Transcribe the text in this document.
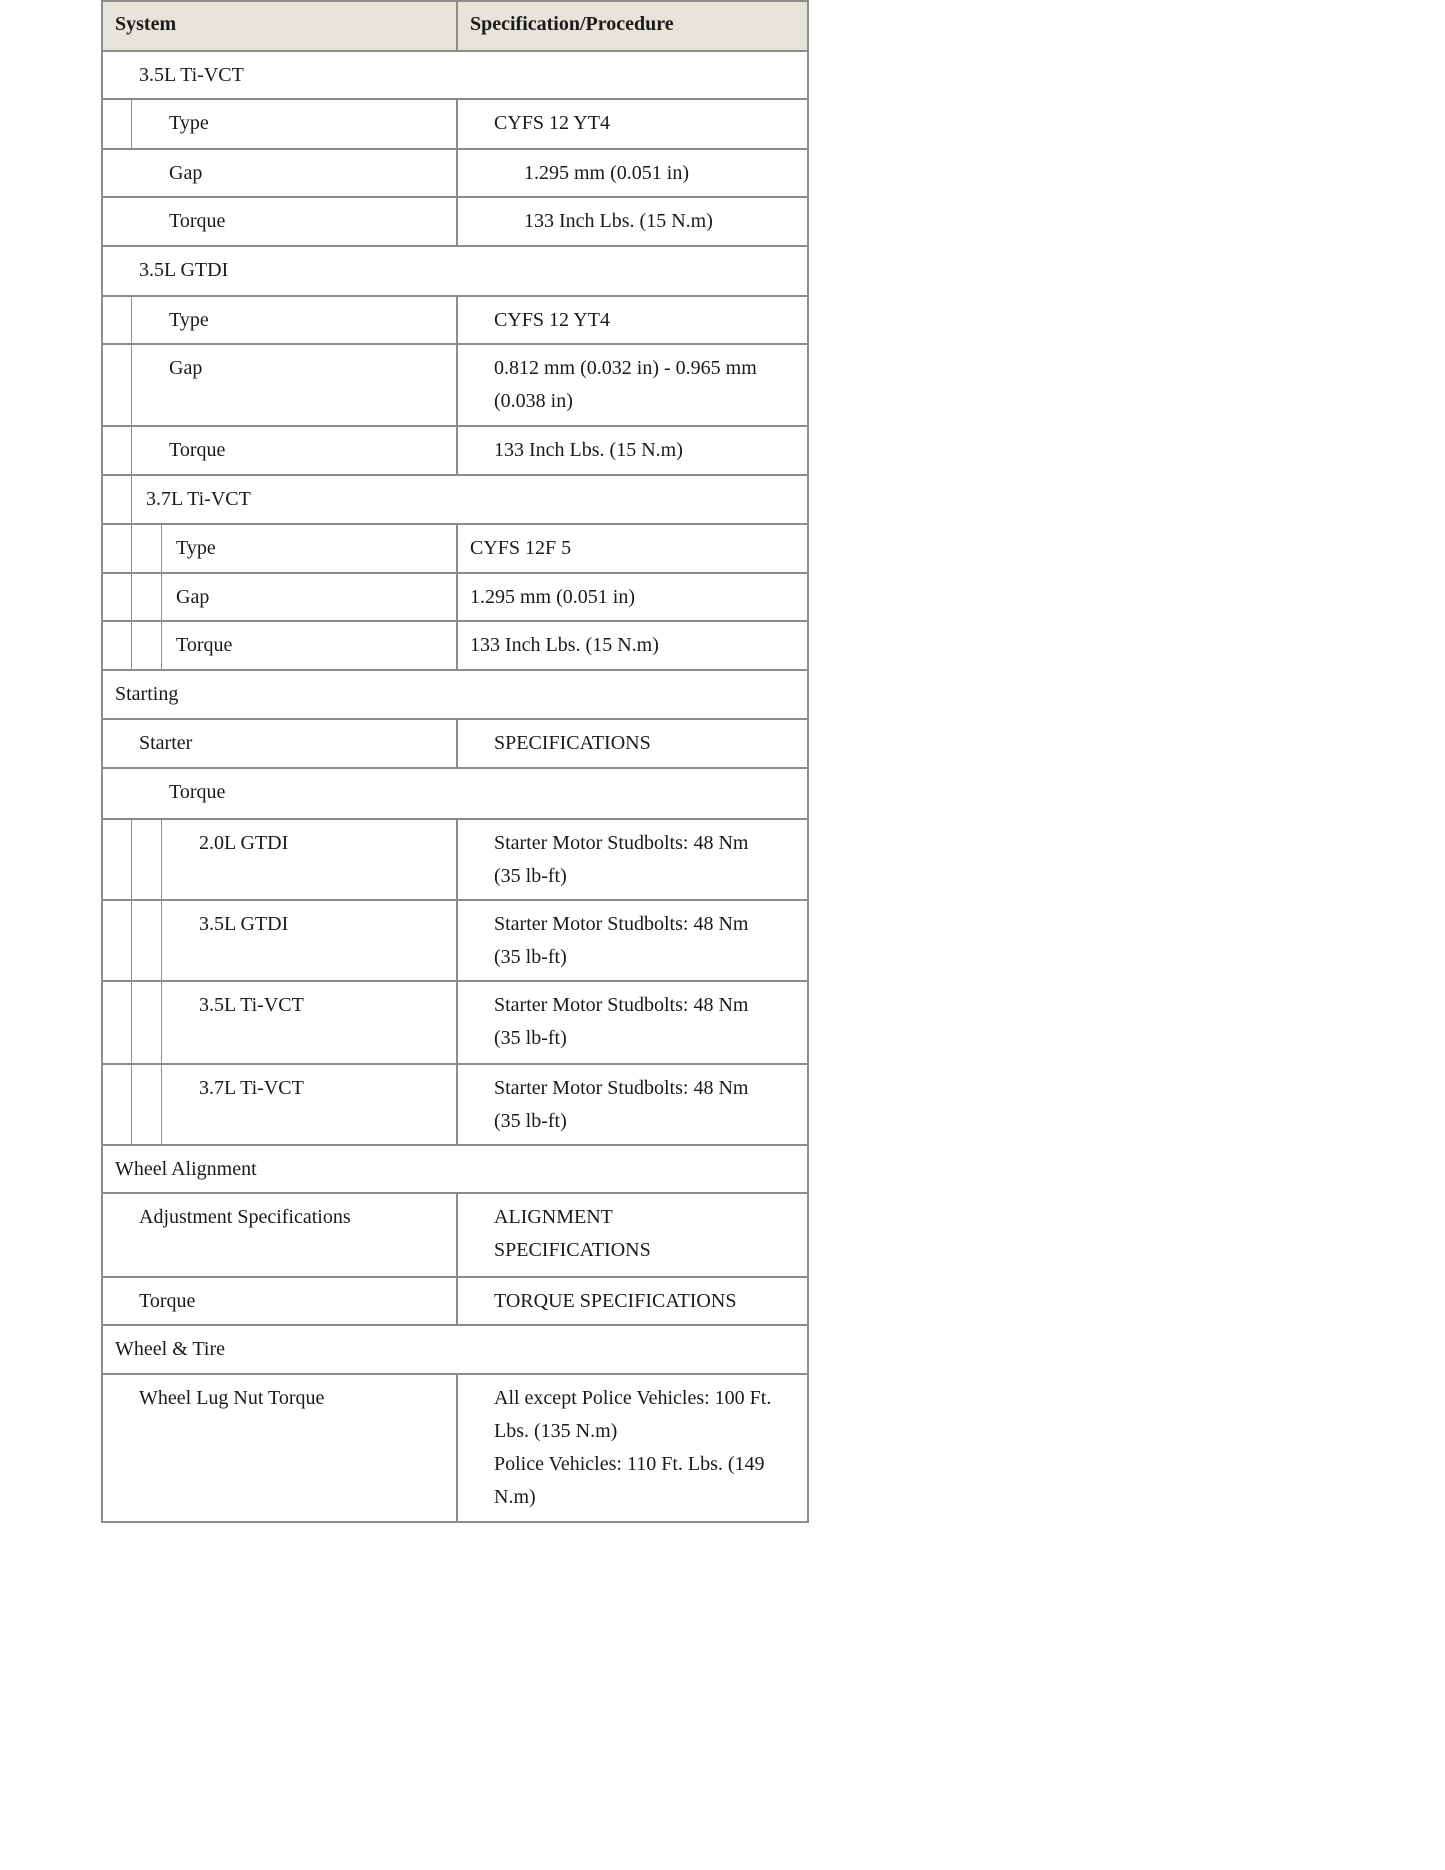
System	Specification/Procedure
3.5L Ti-VCT
Type	CYFS 12 YT4
Gap	1.295 mm (0.051 in)
Torque	133 Inch Lbs. (15 N.m)
3.5L GTDI
Type	CYFS 12 YT4
Gap	0.812 mm (0.032 in) - 0.965 mm
(0.038 in)
Torque	133 Inch Lbs. (15 N.m)
3.7L Ti-VCT
Type	CYFS 12F 5
Gap	1.295 mm (0.051 in)
Torque	133 Inch Lbs. (15 N.m)
Starting
Starter	SPECIFICATIONS
Torque
2.0L GTDI	Starter Motor Studbolts: 48 Nm
(35 lb-ft)
3.5L GTDI	Starter Motor Studbolts: 48 Nm
(35 lb-ft)
3.5L Ti-VCT	Starter Motor Studbolts: 48 Nm
(35 lb-ft)
3.7L Ti-VCT	Starter Motor Studbolts: 48 Nm
(35 lb-ft)
Wheel Alignment
Adjustment Specifications	ALIGNMENT
SPECIFICATIONS
Torque	TORQUE SPECIFICATIONS
Wheel & Tire
Wheel Lug Nut Torque	All except Police Vehicles: 100 Ft.
Lbs. (135 N.m)
Police Vehicles: 110 Ft. Lbs. (149
N.m)
